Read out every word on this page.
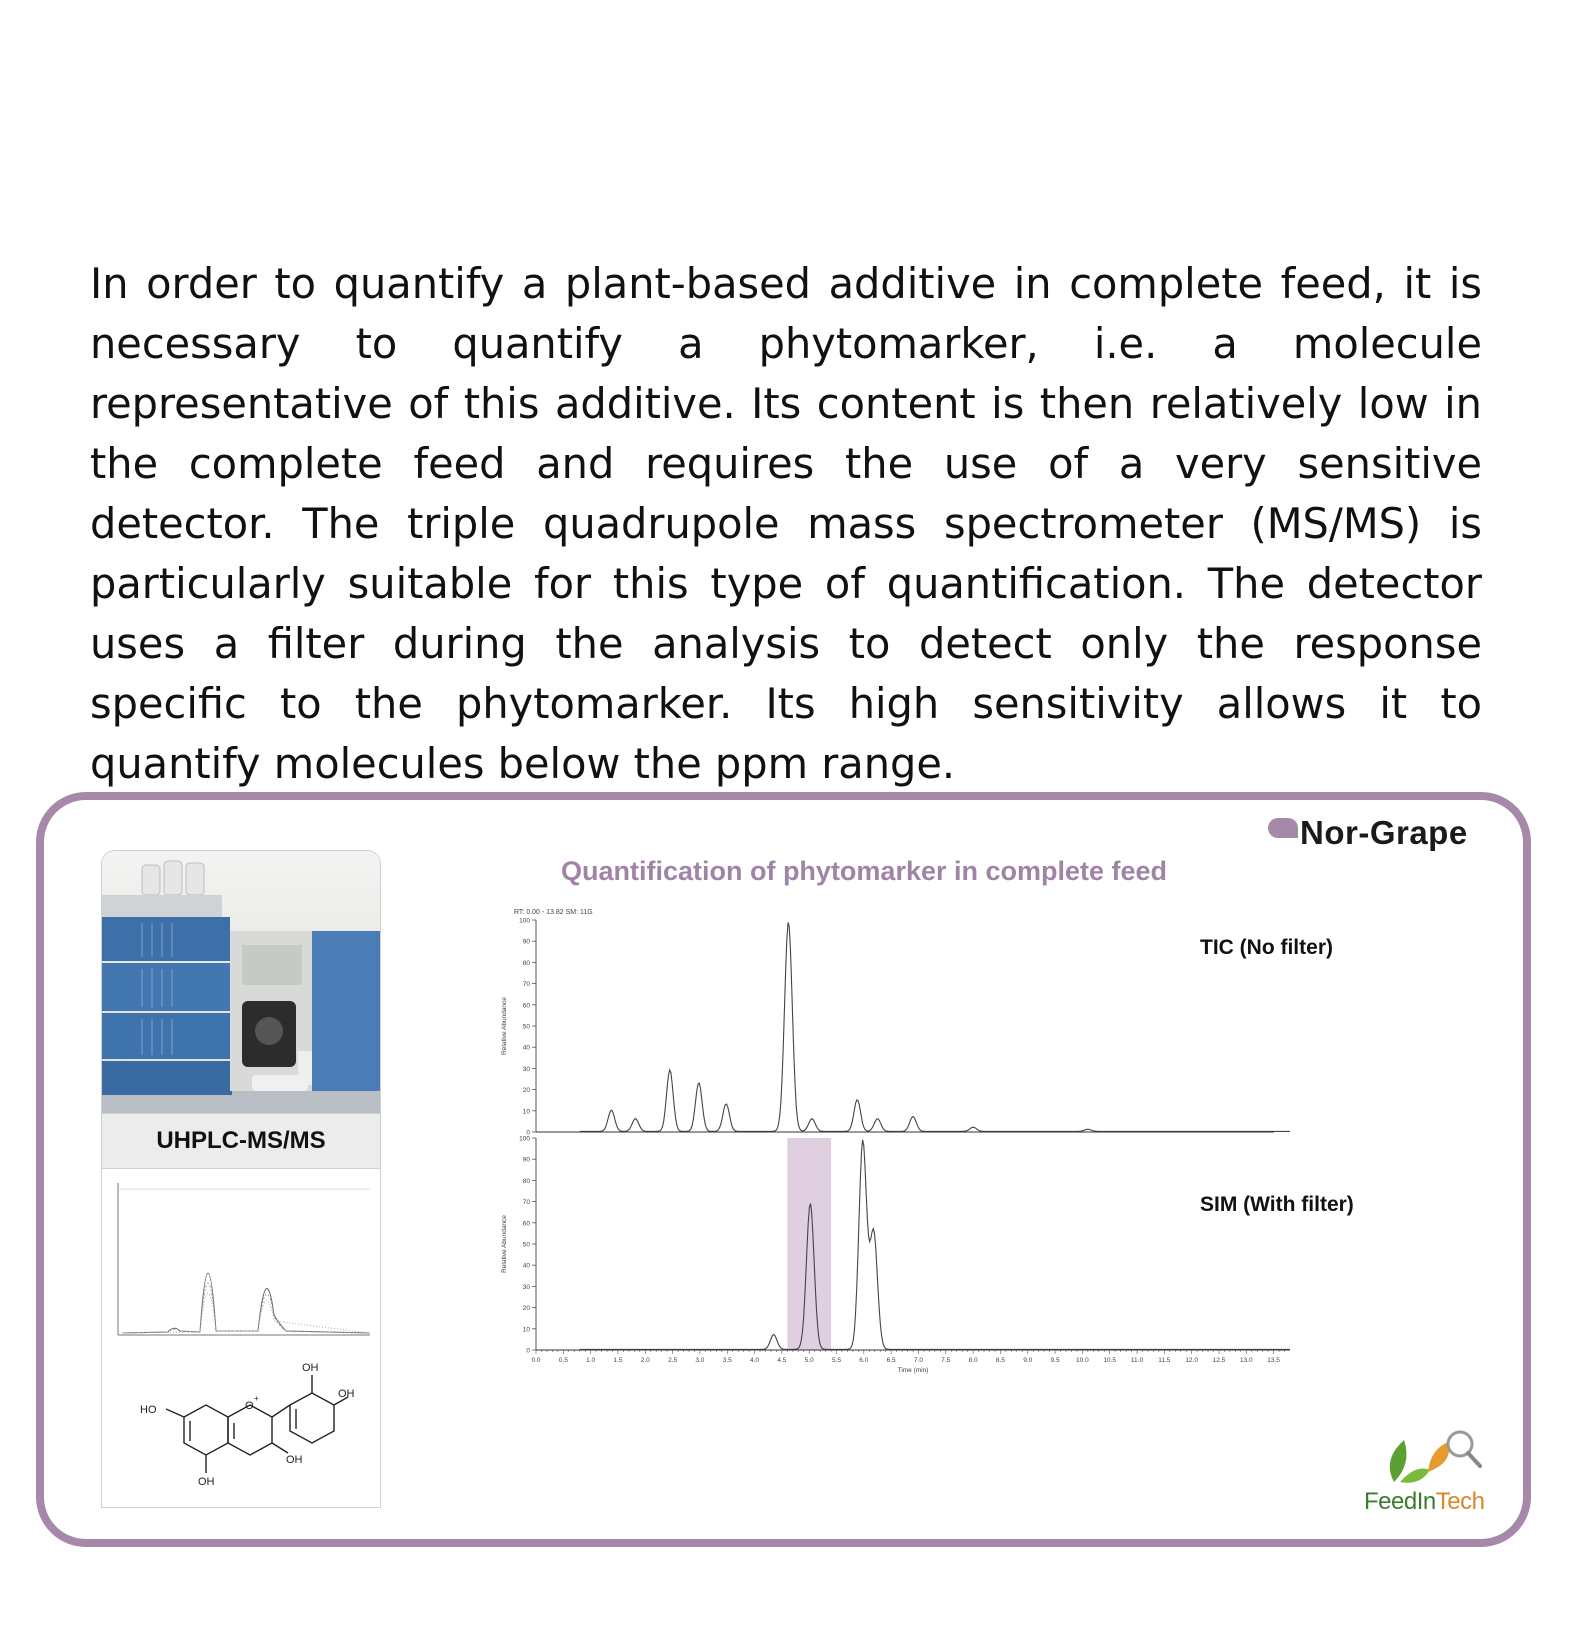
In order to quantify a plant-based additive in complete feed, it is necessary to quantify a phytomarker, i.e. a molecule representative of this additive. Its content is then relatively low in the complete feed and requires the use of a very sensitive detector. The triple quadrupole mass spectrometer (MS/MS) is particularly suitable for this type of quantification. The detector uses a filter during the analysis to detect only the response specific to the phytomarker. Its high sensitivity allows it to quantify molecules below the ppm range.

Nor-Grape
Quantification of phytomarker in complete feed
UHPLC-MS/MS
OH
OH
HO	O
+
OH
OH
RT: 0.00 - 13.82 SM: 11G
0
10
20
30
40
50
60
70
80
90
100
Relative Abundance
0
10
20
30
40
50
60
70
80
90
100
Relative Abundance
0.0	0.5	1.0	1.5	2.0	2.5	3.0	3.5	4.0	4.5	5.0	5.5	6.0	6.5	7.0	7.5	8.0	8.5	9.0	9.5	10.0 10.5 11.0 11.5 12.0 12.5 13.0 13.5
Time (min)
TIC (No filter)
SIM (With filter)
FeedInTech
